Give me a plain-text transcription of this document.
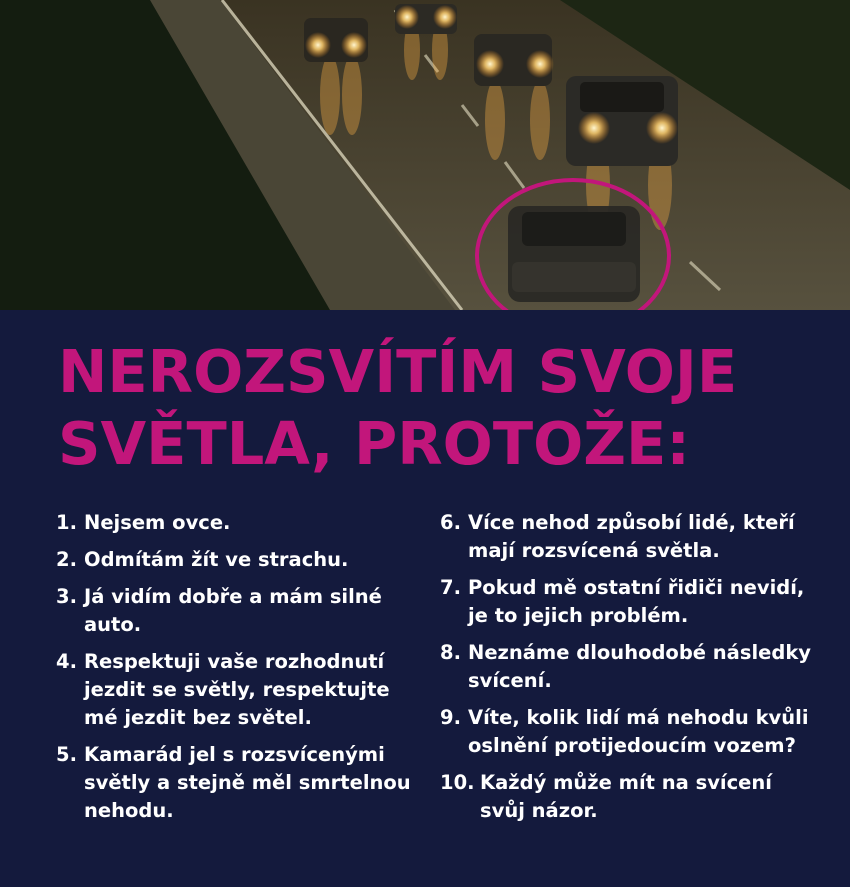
NEROZSVÍTÍM SVOJE
SVĚTLA, PROTOŽE:
1. Nejsem ovce.
2. Odmítám žít ve strachu.
3. Já vidím dobře a mám silné auto.
4. Respektuji vaše rozhodnutí jezdit se světly, respektujte mé jezdit bez světel.
5. Kamarád jel s rozsvícenými světly a stejně měl smrtelnou nehodu.
6. Více nehod způsobí lidé, kteří mají rozsvícená světla.
7. Pokud mě ostatní řidiči nevidí, je to jejich problém.
8. Neznáme dlouhodobé následky svícení.
9. Víte, kolik lidí má nehodu kvůli oslnění protijedoucím vozem?
10. Každý může mít na svícení svůj názor.
